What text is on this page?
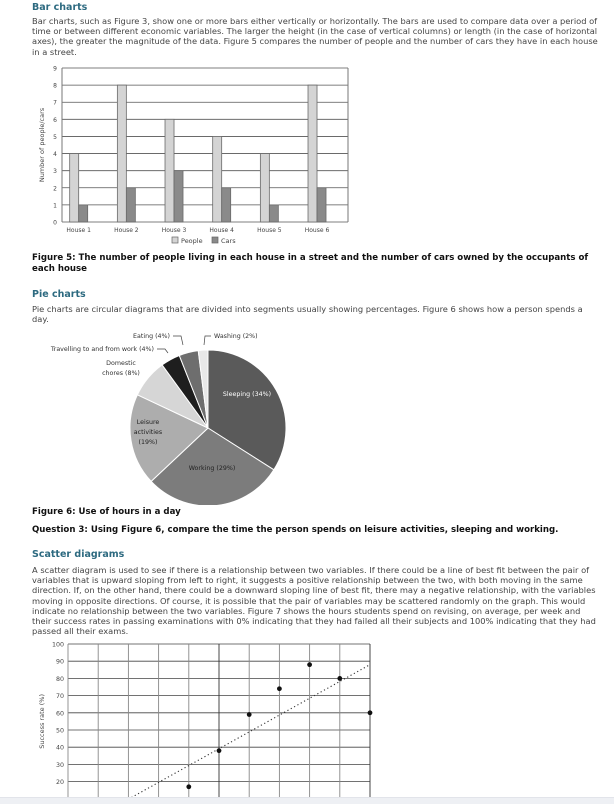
Bar charts
Bar charts, such as Figure 3, show one or more bars either vertically or horizontally. The bars are used to compare data over a period of time or between different economic variables. The larger the height (in the case of vertical columns) or length (in the case of horizontal axes), the greater the magnitude of the data. Figure 5 compares the number of people and the number of cars they have in each house in a street.
0
1
2
3
4
5
6
7
8
9
Number of people/cars
House 1	House 2	House 3	House 4	House 5	House 6
People	Cars
Figure 5: The number of people living in each house in a street and the number of cars owned by the occupants of each house
Pie charts
Pie charts are circular diagrams that are divided into segments usually showing percentages. Figure 6 shows how a person spends a day.
Sleeping (34%)
Working (29%)
Leisure
activities
(19%)
Domestic
chores (8%)
Travelling to and from work (4%)
Eating (4%)	Washing (2%)
Figure 6: Use of hours in a day
Question 3: Using Figure 6, compare the time the person spends on leisure activities, sleeping and working.
Scatter diagrams
A scatter diagram is used to see if there is a relationship between two variables. If there could be a line of best fit between the pair of variables that is upward sloping from left to right, it suggests a positive relationship between the two, with both moving in the same direction. If, on the other hand, there could be a downward sloping line of best fit, there may a negative relationship, with the variables moving in opposite directions. Of course, it is possible that the pair of variables may be scattered randomly on the graph. This would indicate no relationship between the two variables. Figure 7 shows the hours students spend on revising, on average, per week and their success rates in passing examinations with 0% indicating that they had failed all their subjects and 100% indicating that they had passed all their exams.
20
30
40
50
60
70
80
90
100
Success rate (%)
